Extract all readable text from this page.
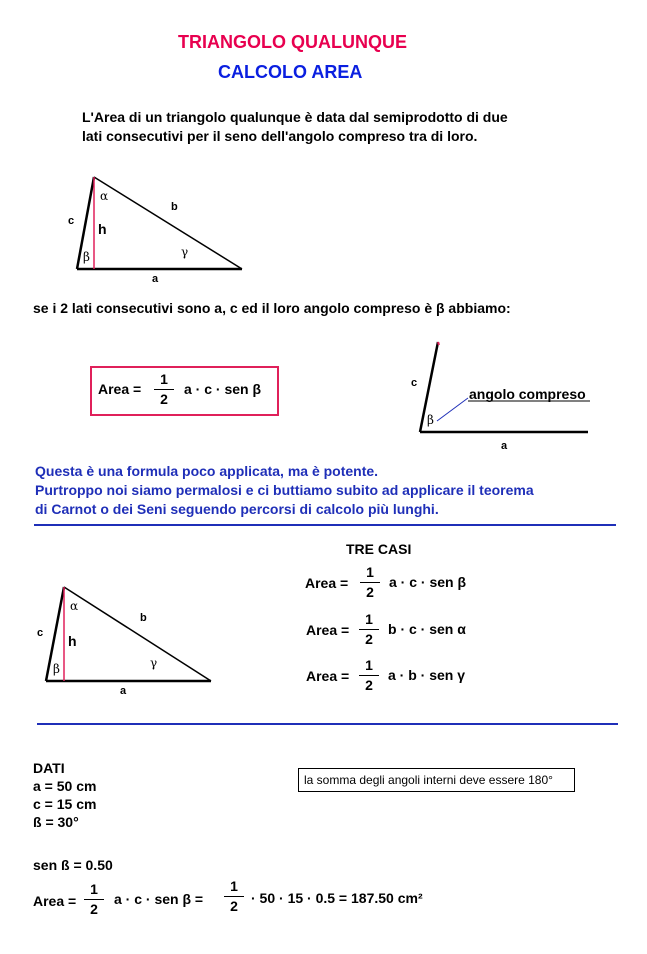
TRIANGOLO QUALUNQUE
CALCOLO AREA
L'Area di un triangolo qualunque è data dal semiprodotto di due
lati consecutivi per il seno dell'angolo compreso tra di loro.
α
b
c h
γ
β
a
se i 2 lati consecutivi sono a, c ed il loro angolo compreso è β abbiamo:
Area =
1
2
a · c · sen β	c
angolo compreso
β
a
Questa è una formula poco applicata, ma è potente.
Purtroppo noi siamo permalosi e ci buttiamo subito ad applicare il teorema
di Carnot o dei Seni seguendo percorsi di calcolo più lunghi.
TRE CASI
Area =
1
2
a · c · sen β
Area =
1
2
b · c · sen α
Area =
1
2
a · b · sen γ
α
b
c h
γ
β
a
DATI
a = 50 cm
c = 15 cm
ß = 30°
la somma degli angoli interni deve essere 180°
sen ß = 0.50
Area =
1
2
a · c · sen β =
1
2 · 50 · 15 · 0.5 = 187.50 cm²
